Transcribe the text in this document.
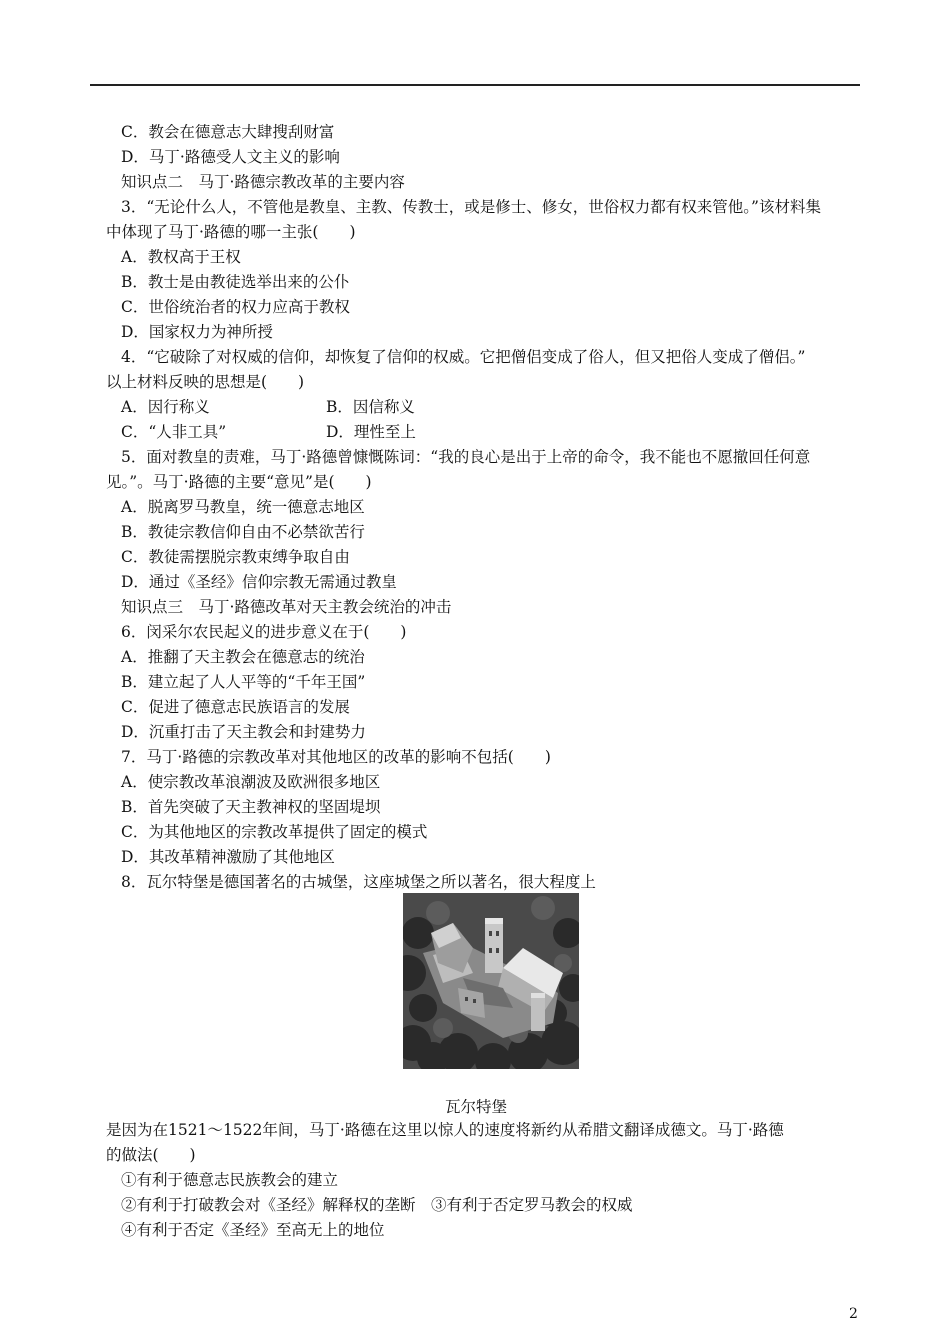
C．教会在德意志大肆搜刮财富
D．马丁·路德受人文主义的影响
知识点二　马丁·路德宗教改革的主要内容
3．“无论什么人，不管他是教皇、主教、传教士，或是修士、修女，世俗权力都有权来管他。”该材料集
中体现了马丁·路德的哪一主张(　　)
A．教权高于王权
B．教士是由教徒选举出来的公仆
C．世俗统治者的权力应高于教权
D．国家权力为神所授
4．“它破除了对权威的信仰，却恢复了信仰的权威。它把僧侣变成了俗人，但又把俗人变成了僧侣。”
以上材料反映的思想是(　　)
A．因行称义	B．因信称义
C．“人非工具”	D．理性至上
5．面对教皇的责难，马丁·路德曾慷慨陈词：“我的良心是出于上帝的命令，我不能也不愿撤回任何意
见。”。马丁·路德的主要“意见”是(　　)
A．脱离罗马教皇，统一德意志地区
B．教徒宗教信仰自由不必禁欲苦行
C．教徒需摆脱宗教束缚争取自由
D．通过《圣经》信仰宗教无需通过教皇
知识点三　马丁·路德改革对天主教会统治的冲击
6．闵采尔农民起义的进步意义在于(　　)
A．推翻了天主教会在德意志的统治
B．建立起了人人平等的“千年王国”
C．促进了德意志民族语言的发展
D．沉重打击了天主教会和封建势力
7．马丁·路德的宗教改革对其他地区的改革的影响不包括(　　)
A．使宗教改革浪潮波及欧洲很多地区
B．首先突破了天主教神权的坚固堤坝
C．为其他地区的宗教改革提供了固定的模式
D．其改革精神激励了其他地区
8．瓦尔特堡是德国著名的古城堡，这座城堡之所以著名，很大程度上
瓦尔特堡
是因为在1521～1522年间，马丁·路德在这里以惊人的速度将新约从希腊文翻译成德文。马丁·路德
的做法(　　)
①有利于德意志民族教会的建立
②有利于打破教会对《圣经》解释权的垄断　③有利于否定罗马教会的权威
④有利于否定《圣经》至高无上的地位
2
